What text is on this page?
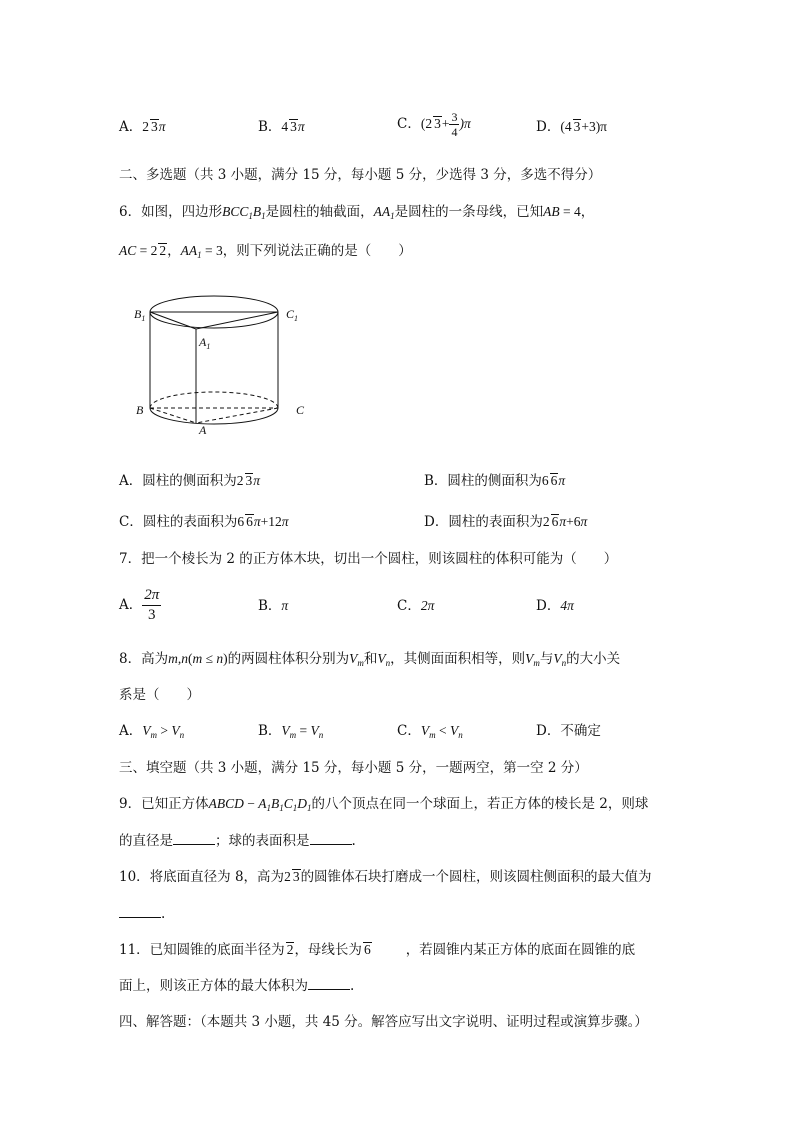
A．2 3π	B．4 3π	C．(2 $3+ \frac{3}{4} )\pi$	D．(4 3+3)π
二、多选题（共 3 小题，满分 15 分，每小题 5 分，少选得 3 分，多选不得分）
6．如图，四边形$BCC_1B_1$是圆柱的轴截面，$AA_1$是圆柱的一条母线，已知AB = 4，
AC = 2 2，$AA_1 = 3$，则下列说法正确的是（　　）
$B_1$	$C_1$
$A_1$
B	C
A
A．圆柱的侧面积为2 3π	B．圆柱的侧面积为6 6π
C．圆柱的表面积为6 6π+12π	D．圆柱的表面积为2 6π+6π
7．把一个棱长为 2 的正方体木块，切出一个圆柱，则该圆柱的体积可能为（　　）
A． $\frac{2\pi}{3}$	B．π	C．2π	D．4π
8．高为m,n(m ≤ n)的两圆柱体积分别为$V_m$和$V_n$，其侧面面积相等，则$V_m$与$V_n$的大小关
系是（　　）
A．$V_m > V_n$	B．$V_m = V_n$	C．$V_m < V_n$	D．不确定
三、填空题（共 3 小题，满分 15 分，每小题 5 分，一题两空，第一空 2 分）
9．已知正方体ABCD − $A_1B_1C_1D_1$的八个顶点在同一个球面上，若正方体的棱长是 2，则球
的直径是	；球的表面积是	.
10．将底面直径为 8，高为2 3的圆锥体石块打磨成一个圆柱，则该圆柱侧面积的最大值为
.
11．已知圆锥的底面半径为 2，母线长为 6	，若圆锥内某正方体的底面在圆锥的底
面上，则该正方体的最大体积为	.
四、解答题：（本题共 3 小题，共 45 分。解答应写出文字说明、证明过程或演算步骤。）
